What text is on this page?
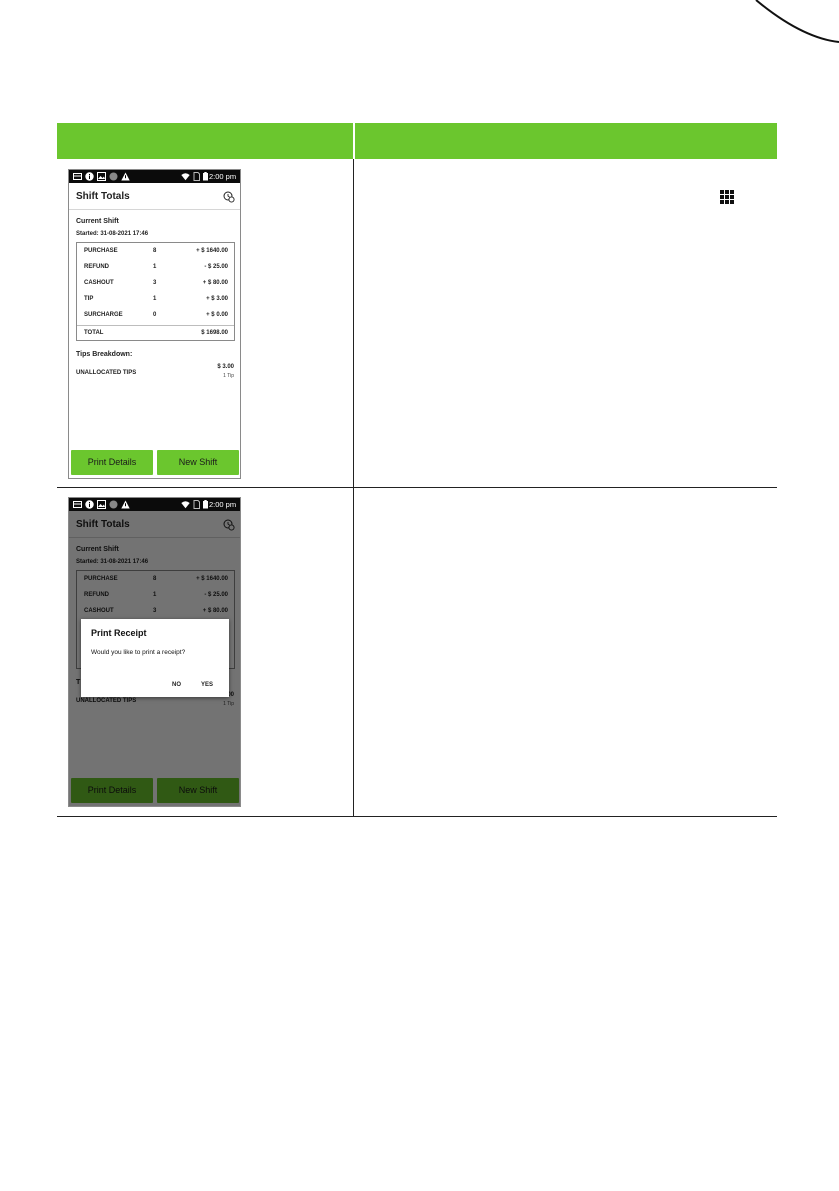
2:00 pm
Shift Totals
Current Shift
Started: 31-08-2021 17:46
PURCHASE	8	+ $ 1640.00
REFUND	1	- $ 25.00
CASHOUT	3	+ $ 80.00
TIP	1	+ $ 3.00
SURCHARGE	0	+ $ 0.00
TOTAL	$ 1698.00
Tips Breakdown:
UNALLOCATED TIPS
$ 3.00
1 Tip
Print Details	New Shift
2:00 pm
Print Receipt
Would you like to print a receipt?
NO	YES
